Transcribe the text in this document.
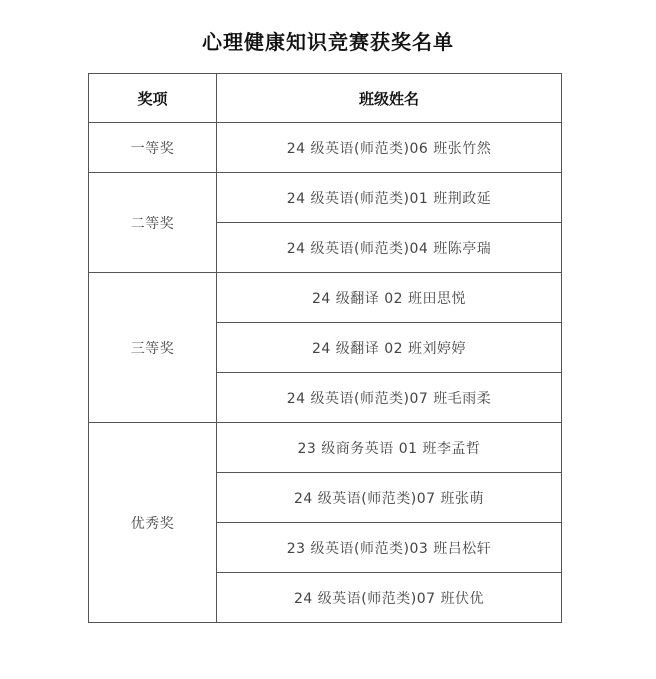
心理健康知识竞赛获奖名单
奖项	班级姓名
一等奖	24 级英语(师范类)06 班张竹然
二等奖	24 级英语(师范类)01 班荆政延
	24 级英语(师范类)04 班陈亭瑞
三等奖	24 级翻译 02 班田思悦
	24 级翻译 02 班刘婷婷
	24 级英语(师范类)07 班毛雨柔
优秀奖	23 级商务英语 01 班李孟哲
	24 级英语(师范类)07 班张萌
	23 级英语(师范类)03 班吕松轩
	24 级英语(师范类)07 班伏优
